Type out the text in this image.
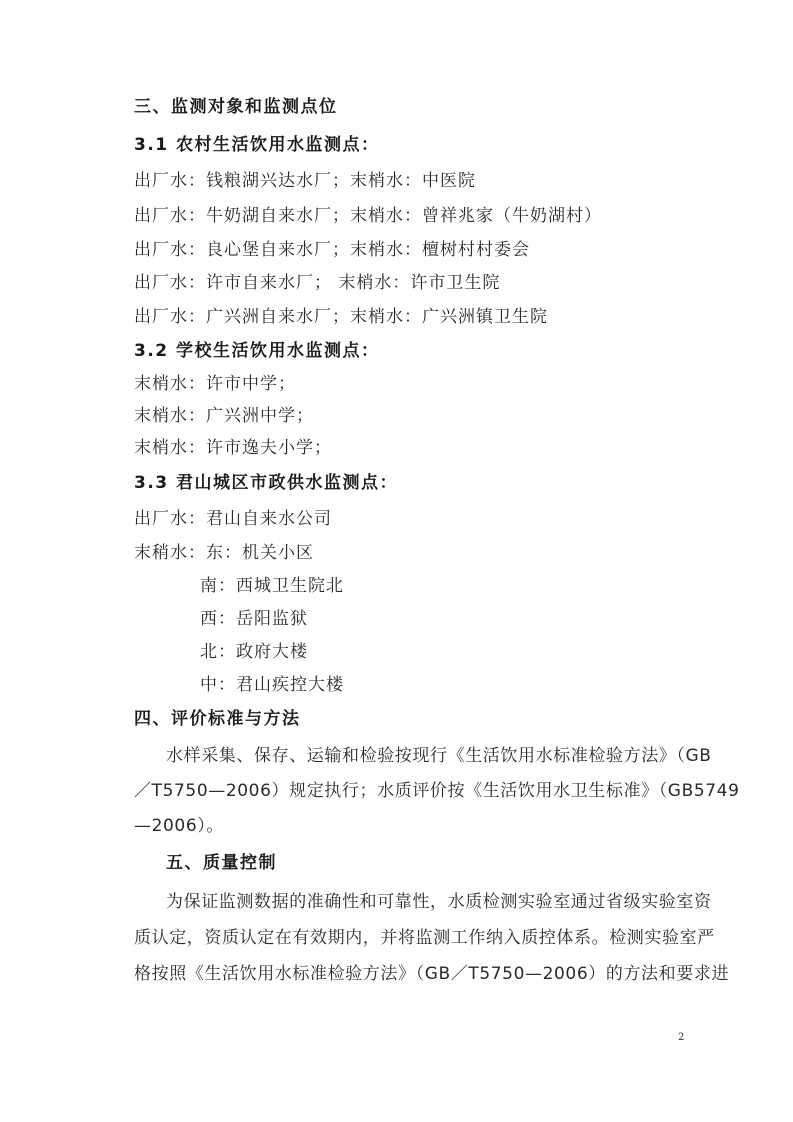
三、监测对象和监测点位
3.1 农村生活饮用水监测点：
出厂水：钱粮湖兴达水厂；末梢水：中医院
出厂水：牛奶湖自来水厂；末梢水：曾祥兆家（牛奶湖村）
出厂水：良心堡自来水厂；末梢水：檀树村村委会
出厂水：许市自来水厂； 末梢水：许市卫生院
出厂水：广兴洲自来水厂；末梢水：广兴洲镇卫生院
3.2 学校生活饮用水监测点：
末梢水：许市中学；
末梢水：广兴洲中学；
末梢水：许市逸夫小学；
3.3 君山城区市政供水监测点：
出厂水：君山自来水公司
末稍水：东：机关小区
南：西城卫生院北
西：岳阳监狱
北：政府大楼
中：君山疾控大楼
四、评价标准与方法
水样采集、保存、运输和检验按现行《生活饮用水标准检验方法》（GB
／T5750—2006）规定执行；水质评价按《生活饮用水卫生标准》（GB5749
—2006）。
五、质量控制
为保证监测数据的准确性和可靠性，水质检测实验室通过省级实验室资
质认定，资质认定在有效期内，并将监测工作纳入质控体系。检测实验室严
格按照《生活饮用水标准检验方法》（GB／T5750—2006）的方法和要求进
2
